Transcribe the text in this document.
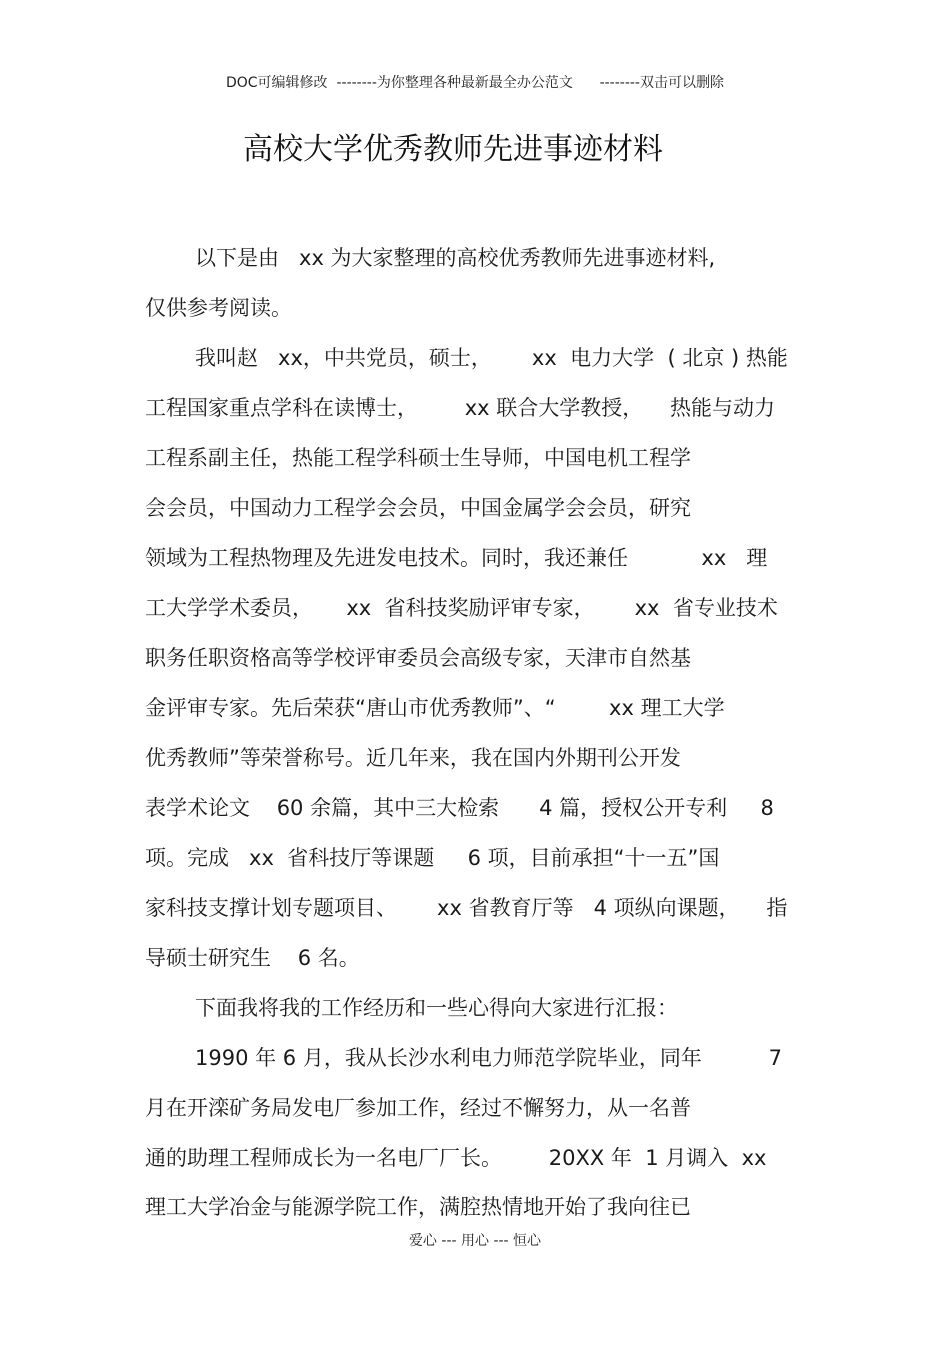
DOC可编辑修改  --------为你整理各种最新最全办公范文      --------双击可以删除
高校大学优秀教师先进事迹材料
以下是由   xx 为大家整理的高校优秀教师先进事迹材料,
仅供参考阅读。
我叫赵   xx，中共党员，硕士，      xx  电力大学  ( 北京 ) 热能
工程国家重点学科在读博士，       xx 联合大学教授，    热能与动力
工程系副主任，热能工程学科硕士生导师，中国电机工程学
会会员，中国动力工程学会会员，中国金属学会会员，研究
领域为工程热物理及先进发电技术。同时，我还兼任           xx   理
工大学学术委员，     xx  省科技奖励评审专家，      xx  省专业技术
职务任职资格高等学校评审委员会高级专家，天津市自然基
金评审专家。先后荣获“唐山市优秀教师”、“        xx 理工大学
优秀教师”等荣誉称号。近几年来，我在国内外期刊公开发
表学术论文    60 余篇，其中三大检索      4 篇，授权公开专利     8
项。完成   xx  省科技厅等课题     6 项，目前承担“十一五”国
家科技支撑计划专题项目、      xx 省教育厅等   4 项纵向课题，    指
导硕士研究生    6 名。
下面我将我的工作经历和一些心得向大家进行汇报：
1990 年 6 月，我从长沙水利电力师范学院毕业，同年          7
月在开滦矿务局发电厂参加工作，经过不懈努力，从一名普
通的助理工程师成长为一名电厂厂长。       20XX 年  1 月调入  xx
理工大学冶金与能源学院工作，满腔热情地开始了我向往已
爱心 --- 用心 --- 恒心
